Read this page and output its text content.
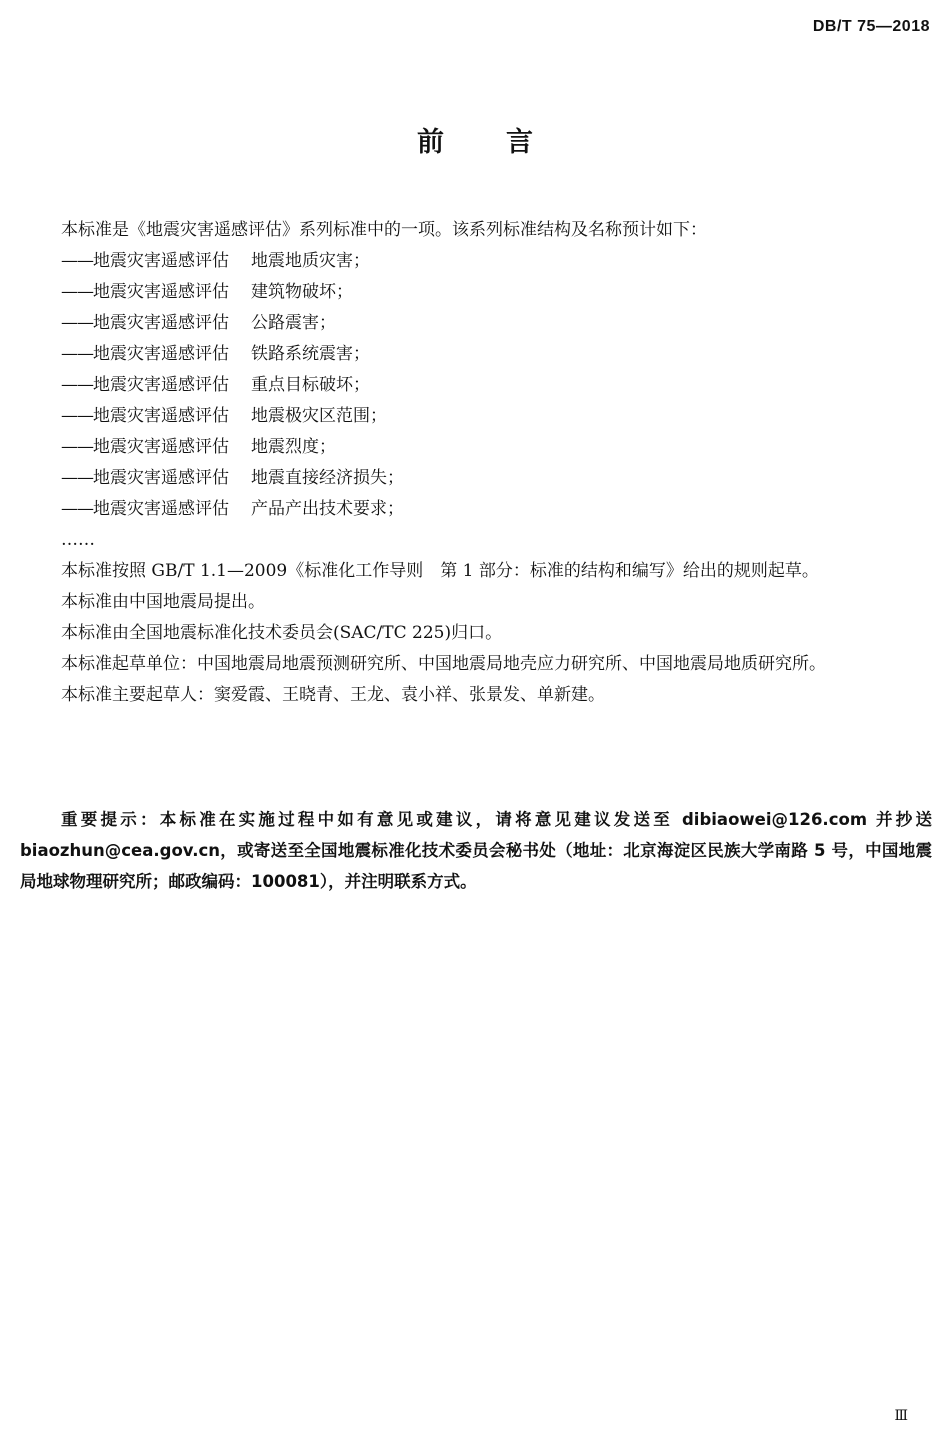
DB/T 75—2018
前言

本标准是《地震灾害遥感评估》系列标准中的一项。该系列标准结构及名称预计如下：

——地震灾害遥感评估 地震地质灾害；
——地震灾害遥感评估 建筑物破坏；
——地震灾害遥感评估 公路震害；
——地震灾害遥感评估 铁路系统震害；
——地震灾害遥感评估 重点目标破坏；
——地震灾害遥感评估 地震极灾区范围；
——地震灾害遥感评估 地震烈度；
——地震灾害遥感评估 地震直接经济损失；
——地震灾害遥感评估 产品产出技术要求；
……

本标准按照 GB/T 1.1—2009《标准化工作导则　第 1 部分：标准的结构和编写》给出的规则起草。

本标准由中国地震局提出。

本标准由全国地震标准化技术委员会(SAC/TC 225)归口。

本标准起草单位：中国地震局地震预测研究所、中国地震局地壳应力研究所、中国地震局地质研究所。

本标准主要起草人：窦爱霞、王晓青、王龙、袁小祥、张景发、单新建。

重要提示：本标准在实施过程中如有意见或建议，请将意见建议发送至 dibiaowei@126.com 并抄送 biaozhun@cea.gov.cn，或寄送至全国地震标准化技术委员会秘书处（地址：北京海淀区民族大学南路 5 号，中国地震局地球物理研究所；邮政编码：100081），并注明联系方式。
Ⅲ
